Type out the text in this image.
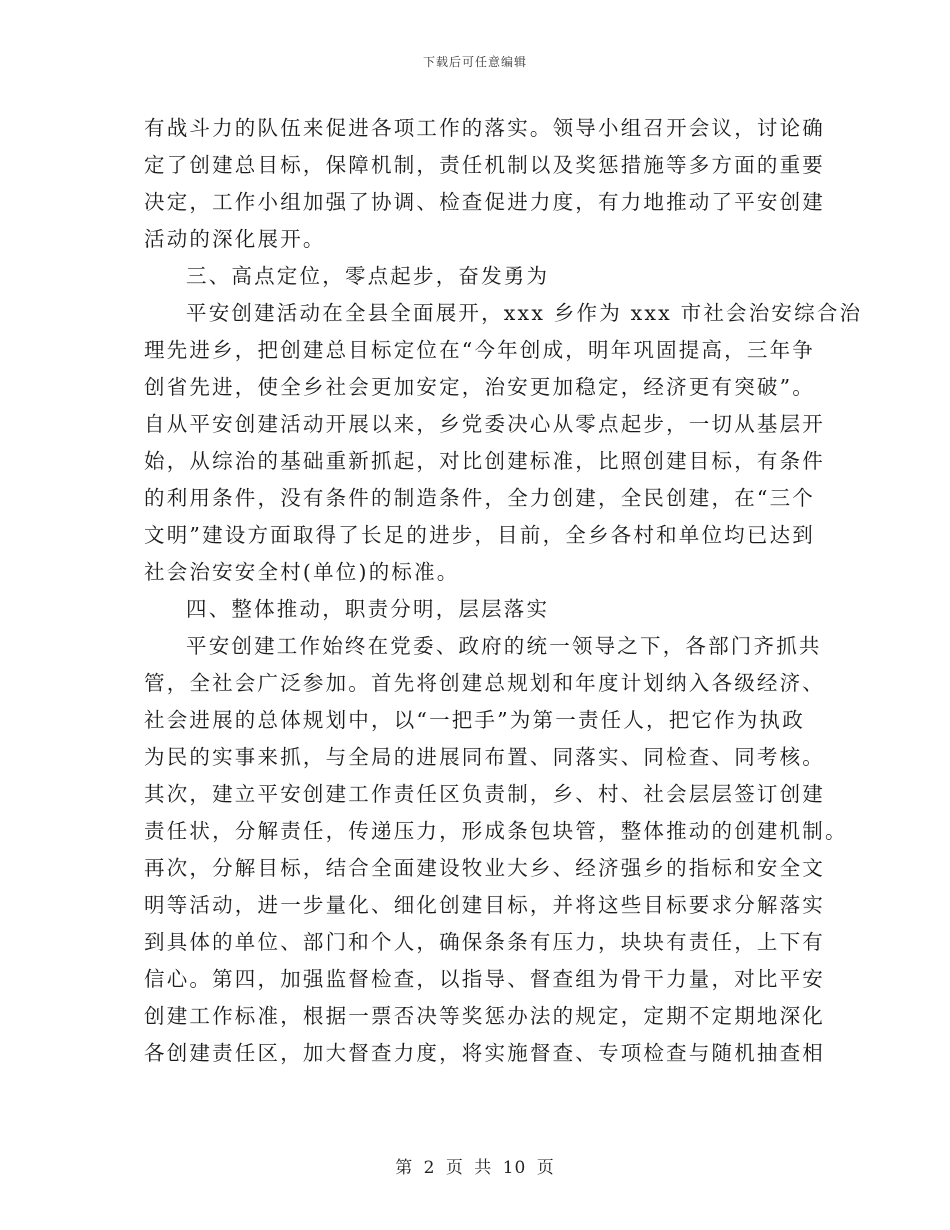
下载后可任意编辑
有战斗力的队伍来促进各项工作的落实。领导小组召开会议，讨论确
定了创建总目标，保障机制，责任机制以及奖惩措施等多方面的重要
决定，工作小组加强了协调、检查促进力度，有力地推动了平安创建
活动的深化展开。
三、高点定位，零点起步，奋发勇为
平安创建活动在全县全面展开，xxx 乡作为 xxx 市社会治安综合治
理先进乡，把创建总目标定位在“今年创成，明年巩固提高，三年争
创省先进，使全乡社会更加安定，治安更加稳定，经济更有突破”。
自从平安创建活动开展以来，乡党委决心从零点起步，一切从基层开
始，从综治的基础重新抓起，对比创建标准，比照创建目标，有条件
的利用条件，没有条件的制造条件，全力创建，全民创建，在“三个
文明”建设方面取得了长足的进步，目前，全乡各村和单位均已达到
社会治安安全村(单位)的标准。
四、整体推动，职责分明，层层落实
平安创建工作始终在党委、政府的统一领导之下，各部门齐抓共
管，全社会广泛参加。首先将创建总规划和年度计划纳入各级经济、
社会进展的总体规划中，以“一把手”为第一责任人，把它作为执政
为民的实事来抓，与全局的进展同布置、同落实、同检查、同考核。
其次，建立平安创建工作责任区负责制，乡、村、社会层层签订创建
责任状，分解责任，传递压力，形成条包块管，整体推动的创建机制。
再次，分解目标，结合全面建设牧业大乡、经济强乡的指标和安全文
明等活动，进一步量化、细化创建目标，并将这些目标要求分解落实
到具体的单位、部门和个人，确保条条有压力，块块有责任，上下有
信心。第四，加强监督检查，以指导、督查组为骨干力量，对比平安
创建工作标准，根据一票否决等奖惩办法的规定，定期不定期地深化
各创建责任区，加大督查力度，将实施督查、专项检查与随机抽查相
第 2 页 共 10 页
